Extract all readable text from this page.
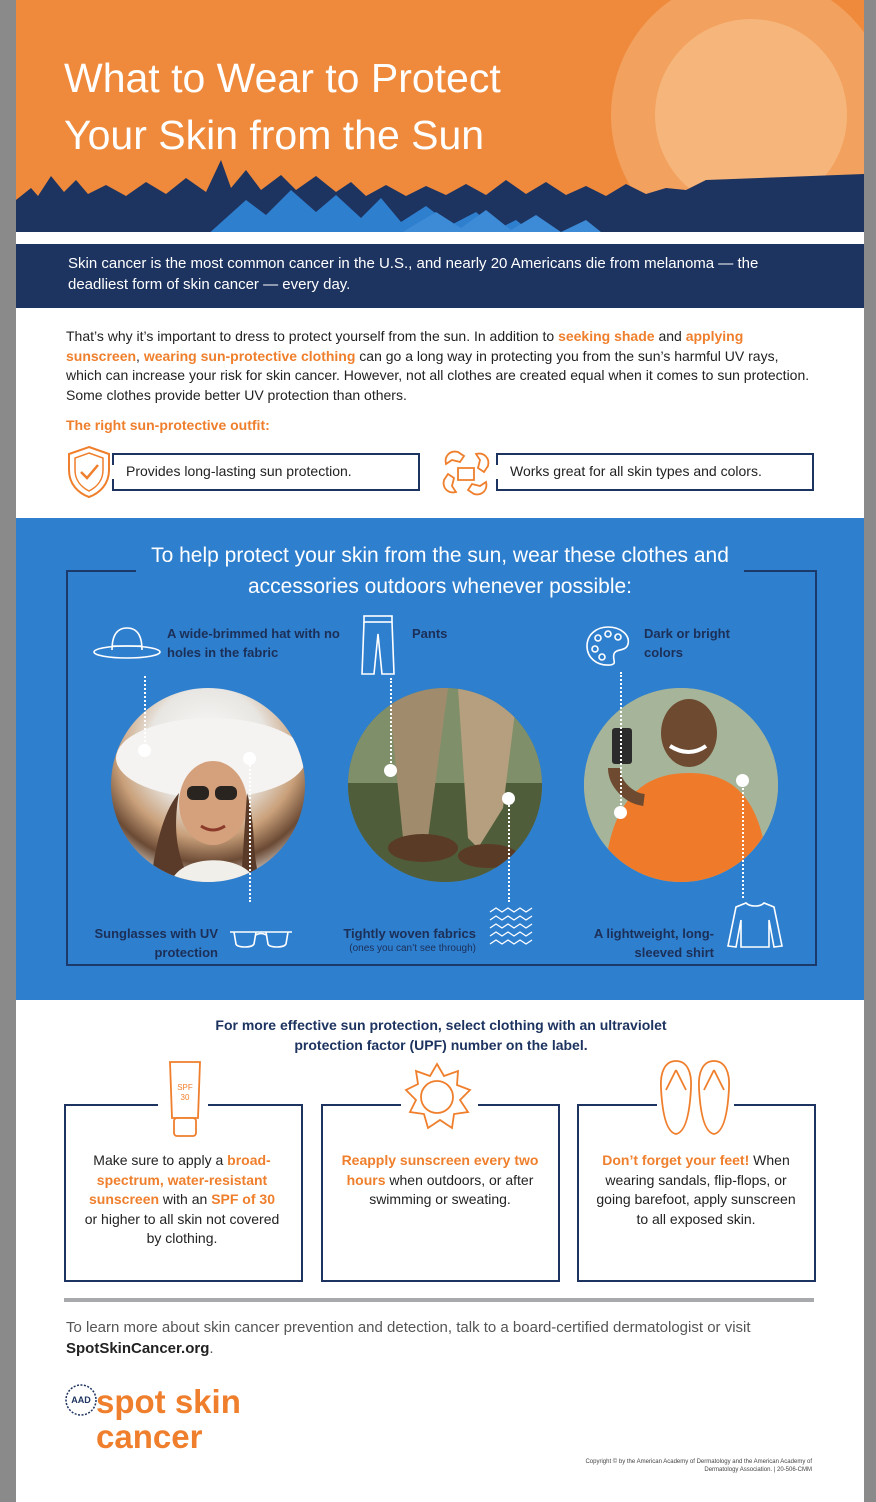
What to Wear to Protect
Your Skin from the Sun
Skin cancer is the most common cancer in the U.S., and nearly 20 Americans die from melanoma — the deadliest form of skin cancer — every day.

That’s why it’s important to dress to protect yourself from the sun. In addition to seeking shade and applying sunscreen, wearing sun-protective clothing can go a long way in protecting you from the sun’s harmful UV rays, which can increase your risk for skin cancer. However, not all clothes are created equal when it comes to sun protection. Some clothes provide better UV protection than others.

The right sun-protective outfit:
Provides long-lasting sun protection.	Works great for all skin types and colors.
To help protect your skin from the sun, wear these clothes and accessories outdoors whenever possible:
A wide-brimmed hat with no holes in the fabric
Pants	Dark or bright colors
Sunglasses with UV protection
Tightly woven fabrics
(ones you can’t see through)
A lightweight, long-sleeved shirt
For more effective sun protection, select clothing with an ultraviolet protection factor (UPF) number on the label.
SPF
30
Make sure to apply a broad-spectrum, water-resistant sunscreen with an SPF of 30 or higher to all skin not covered by clothing.
Reapply sunscreen every two hours when outdoors, or after swimming or sweating.
Don’t forget your feet! When wearing sandals, flip-flops, or going barefoot, apply sunscreen to all exposed skin.
To learn more about skin cancer prevention and detection, talk to a board-certified dermatologist or visit SpotSkinCancer.org.
AAD spot skin
cancer
Copyright © by the American Academy of Dermatology and the American Academy of Dermatology Association. | 20-506-CMM
